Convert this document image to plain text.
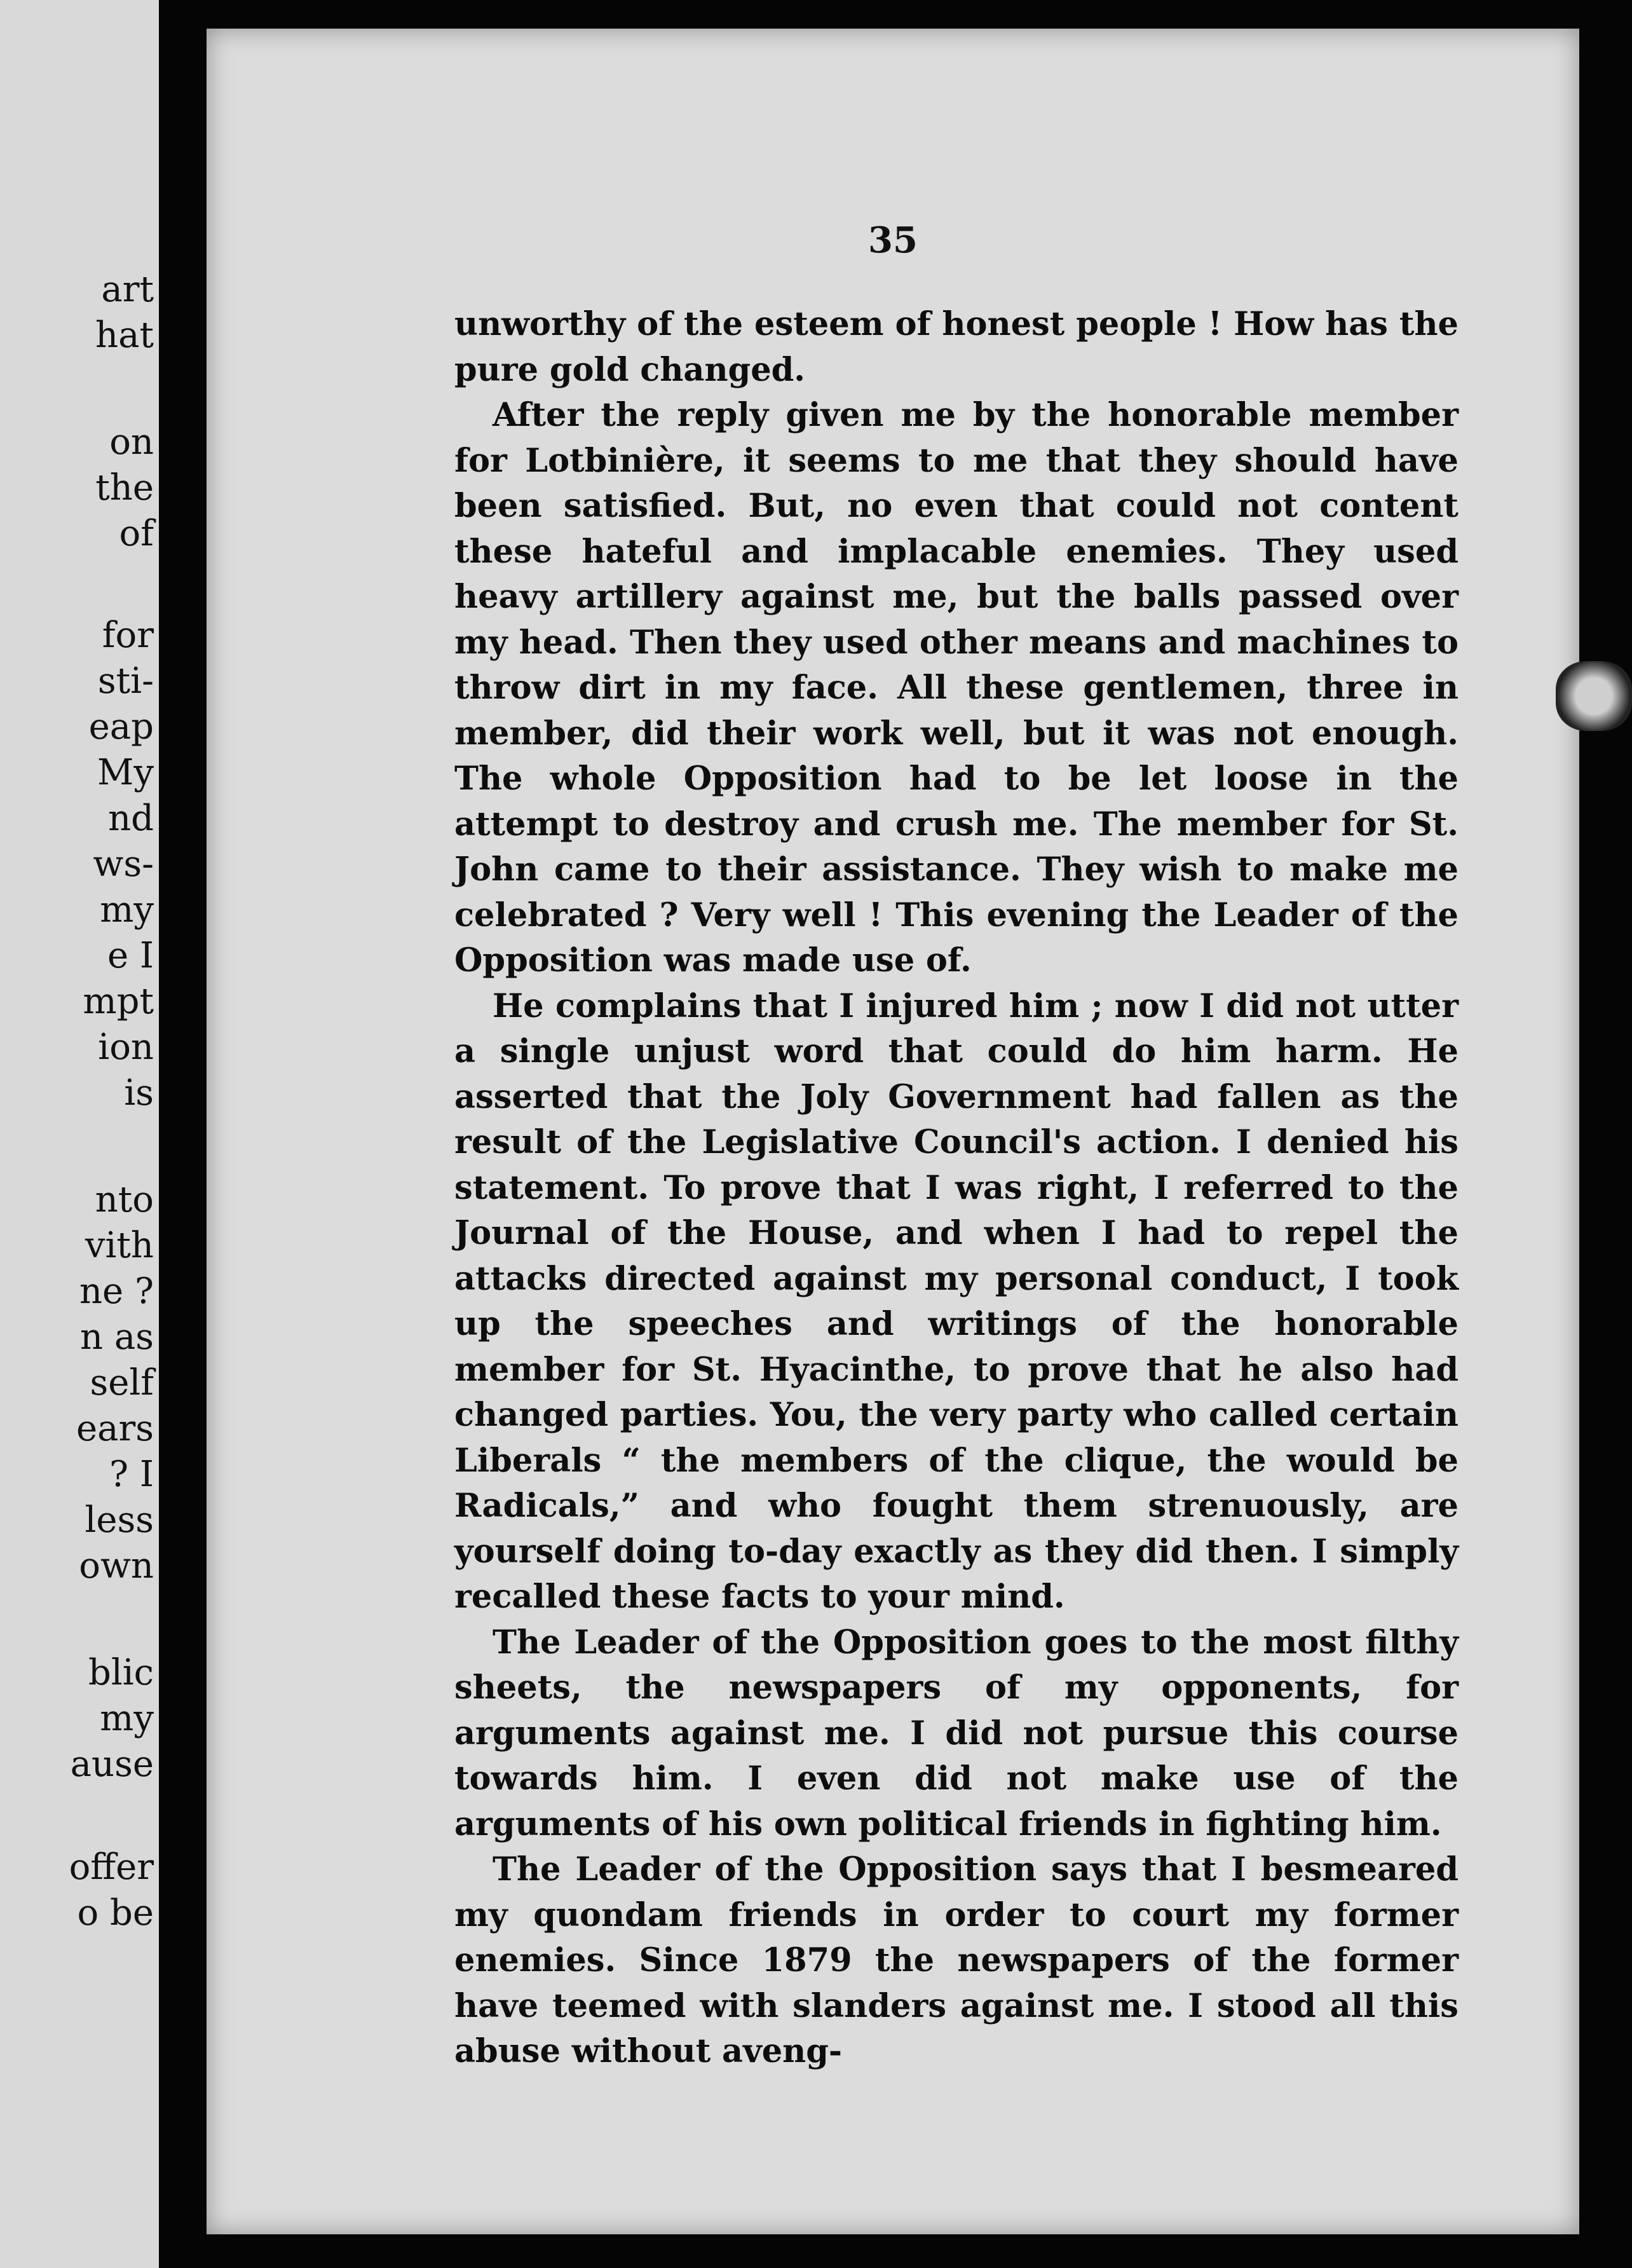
art
hat
on
the
of
for
sti-
eap
My
nd
ws-
my
e I
mpt
ion
is
nto
vith
ne ?
n as
self
ears
? I
less
own
blic
my
ause
offer
o be
35

unworthy of the esteem of honest people ! How has the pure gold changed.

After the reply given me by the honorable member for Lotbinière, it seems to me that they should have been satisfied. But, no even that could not content these hateful and implacable enemies. They used heavy artillery against me, but the balls passed over my head. Then they used other means and machines to throw dirt in my face. All these gentlemen, three in member, did their work well, but it was not enough. The whole Opposition had to be let loose in the attempt to destroy and crush me. The member for St. John came to their assistance. They wish to make me celebrated ? Very well ! This evening the Leader of the Opposition was made use of.

He complains that I injured him ; now I did not utter a single unjust word that could do him harm. He asserted that the Joly Government had fallen as the result of the Legislative Council's action. I denied his statement. To prove that I was right, I referred to the Journal of the House, and when I had to repel the attacks directed against my personal conduct, I took up the speeches and writings of the honorable member for St. Hyacinthe, to prove that he also had changed parties. You, the very party who called certain Liberals “ the members of the clique, the would be Radicals,” and who fought them strenuously, are yourself doing to-day exactly as they did then. I simply recalled these facts to your mind.

The Leader of the Opposition goes to the most filthy sheets, the newspapers of my opponents, for arguments against me. I did not pursue this course towards him. I even did not make use of the arguments of his own political friends in fighting him.

The Leader of the Opposition says that I besmeared my quondam friends in order to court my former enemies. Since 1879 the newspapers of the former have teemed with slanders against me. I stood all this abuse without aveng-
